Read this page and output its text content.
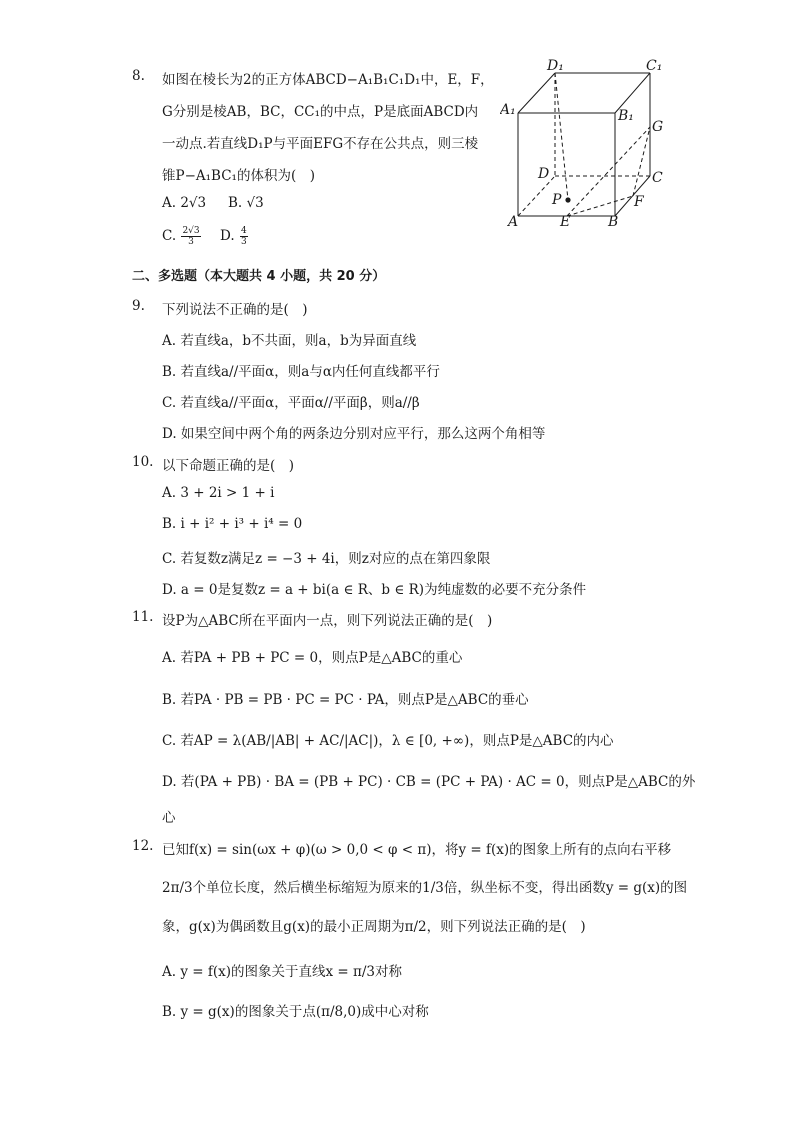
8. 如图在棱长为2的正方体ABCD−A₁B₁C₁D₁中，E，F，
G分别是棱AB，BC，CC₁的中点，P是底面ABCD内
一动点.若直线D₁P与平面EFG不存在公共点，则三棱
锥P−A₁BC₁的体积为(　)
A. 2√3 B. √3
C. $\frac{2√3}{3} D$. $\frac{4}{3}$
D₁	C₁
A₁	B₁
G
D	C
P	F
A	E	B
二、多选题（本大题共 4 小题，共 20 分）
9. 下列说法不正确的是(　)
A. 若直线a，b不共面，则a，b为异面直线
B. 若直线a//平面α，则a与α内任何直线都平行
C. 若直线a//平面α，平面α//平面β，则a//β
D. 如果空间中两个角的两条边分别对应平行，那么这两个角相等
10. 以下命题正确的是(　)
A. 3 + 2i > 1 + i
B. i + i² + i³ + i⁴ = 0
C. 若复数z满足z = −3 + 4i，则z对应的点在第四象限
D. a = 0是复数z = a + bi(a ∈ R、b ∈ R)为纯虚数的必要不充分条件
11. 设P为△ABC所在平面内一点，则下列说法正确的是(　)
A. 若PA + PB + PC = 0，则点P是△ABC的重心
B. 若PA · PB = PB · PC = PC · PA，则点P是△ABC的垂心
C. 若AP = λ(AB/|AB| + AC/|AC|)，λ ∈ [0, +∞)，则点P是△ABC的内心
D. 若(PA + PB) · BA = (PB + PC) · CB = (PC + PA) · AC = 0，则点P是△ABC的外
心
12. 已知f(x) = sin(ωx + φ)(ω > 0,0 < φ < π)，将y = f(x)的图象上所有的点向右平移
2π/3个单位长度，然后横坐标缩短为原来的1/3倍，纵坐标不变，得出函数y = g(x)的图
象，g(x)为偶函数且g(x)的最小正周期为π/2，则下列说法正确的是(　)
A. y = f(x)的图象关于直线x = π/3对称
B. y = g(x)的图象关于点(π/8,0)成中心对称
